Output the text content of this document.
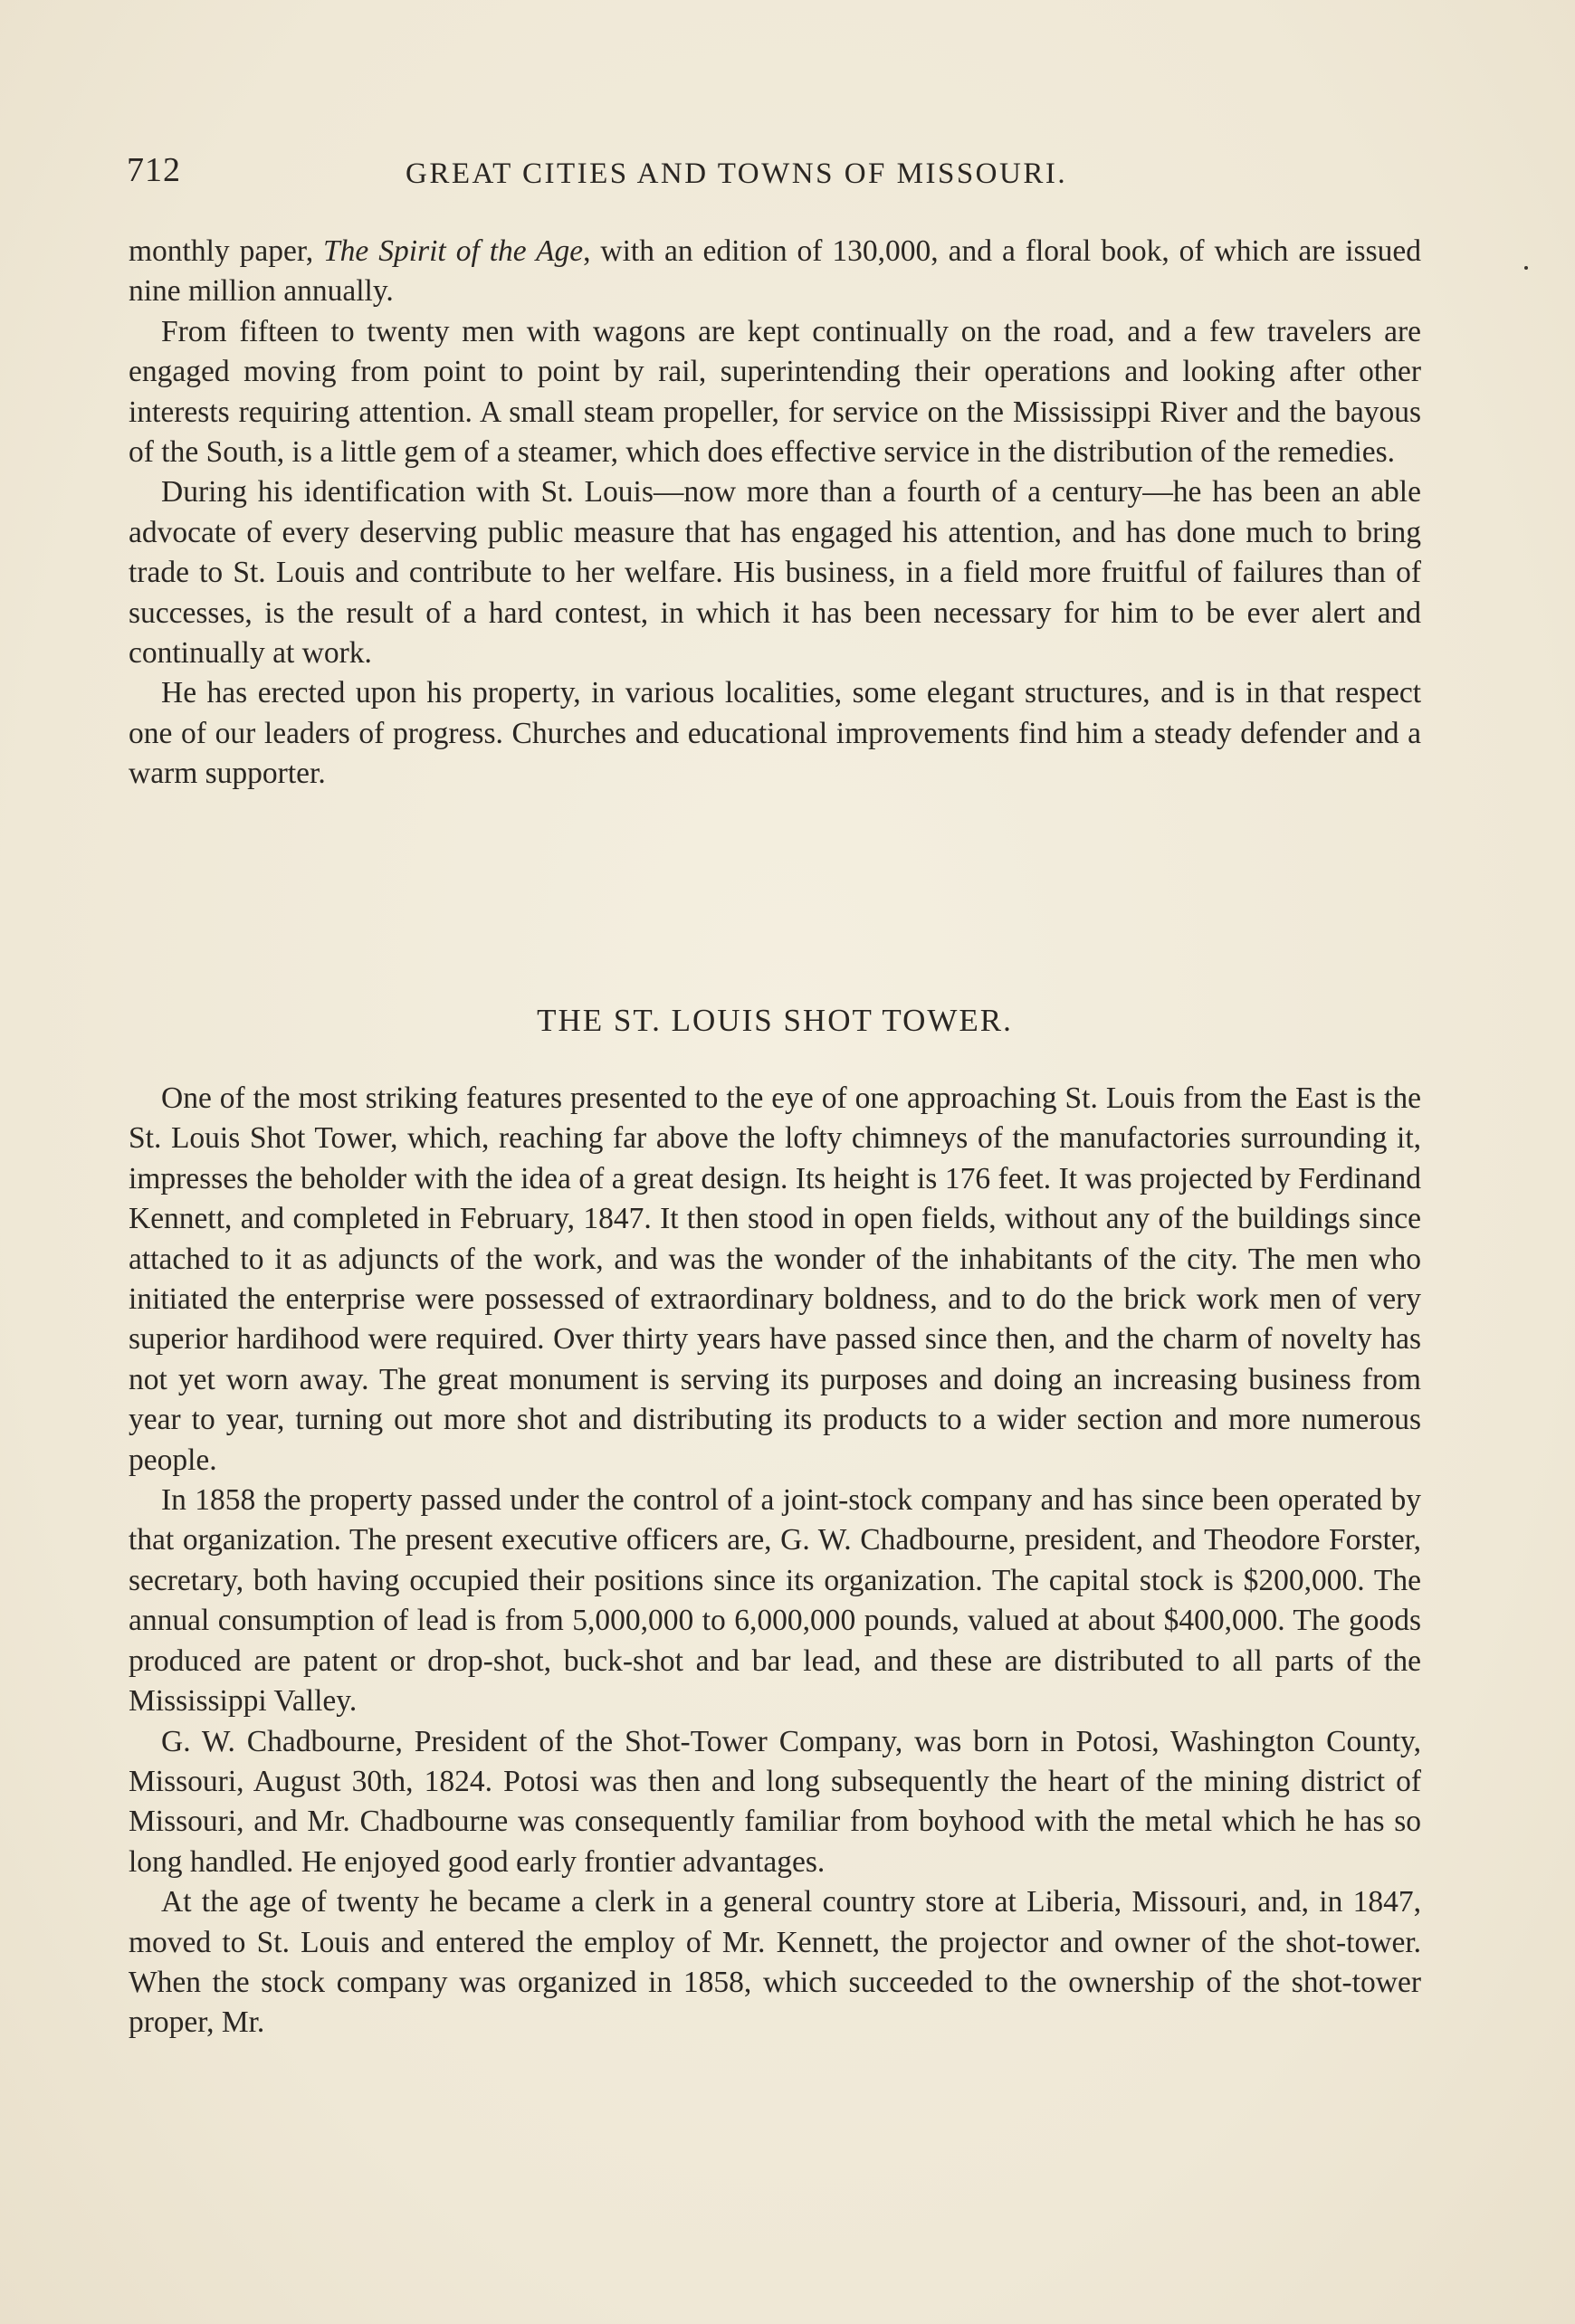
712	GREAT CITIES AND TOWNS OF MISSOURI.

monthly paper, The Spirit of the Age, with an edition of 130,000, and a floral book, of which are issued nine million annually.

From fifteen to twenty men with wagons are kept continually on the road, and a few travelers are engaged moving from point to point by rail, superintending their operations and looking after other interests requiring attention. A small steam propeller, for service on the Mississippi River and the bayous of the South, is a little gem of a steamer, which does effective service in the distribution of the remedies.

During his identification with St. Louis—now more than a fourth of a century—he has been an able advocate of every deserving public measure that has engaged his attention, and has done much to bring trade to St. Louis and contribute to her welfare. His business, in a field more fruitful of failures than of successes, is the result of a hard contest, in which it has been necessary for him to be ever alert and continually at work.

He has erected upon his property, in various localities, some elegant structures, and is in that respect one of our leaders of progress. Churches and educational improvements find him a steady defender and a warm supporter.

THE ST. LOUIS SHOT TOWER.

One of the most striking features presented to the eye of one approaching St. Louis from the East is the St. Louis Shot Tower, which, reaching far above the lofty chimneys of the manufactories surrounding it, impresses the beholder with the idea of a great design. Its height is 176 feet. It was projected by Ferdinand Kennett, and completed in February, 1847. It then stood in open fields, without any of the buildings since attached to it as adjuncts of the work, and was the wonder of the inhabitants of the city. The men who initiated the enterprise were possessed of extraordinary boldness, and to do the brick work men of very superior hardihood were required. Over thirty years have passed since then, and the charm of novelty has not yet worn away. The great monument is serving its purposes and doing an increasing business from year to year, turning out more shot and distributing its products to a wider section and more numerous people.

In 1858 the property passed under the control of a joint-stock company and has since been operated by that organization. The present executive officers are, G. W. Chadbourne, president, and Theodore Forster, secretary, both having occupied their positions since its organization. The capital stock is $200,000. The annual consumption of lead is from 5,000,000 to 6,000,000 pounds, valued at about $400,000. The goods produced are patent or drop-shot, buck-shot and bar lead, and these are distributed to all parts of the Mississippi Valley.

G. W. Chadbourne, President of the Shot-Tower Company, was born in Potosi, Washington County, Missouri, August 30th, 1824. Potosi was then and long subsequently the heart of the mining district of Missouri, and Mr. Chadbourne was consequently familiar from boyhood with the metal which he has so long handled. He enjoyed good early frontier advantages.

At the age of twenty he became a clerk in a general country store at Liberia, Missouri, and, in 1847, moved to St. Louis and entered the employ of Mr. Kennett, the projector and owner of the shot-tower. When the stock company was organized in 1858, which succeeded to the ownership of the shot-tower proper, Mr.
